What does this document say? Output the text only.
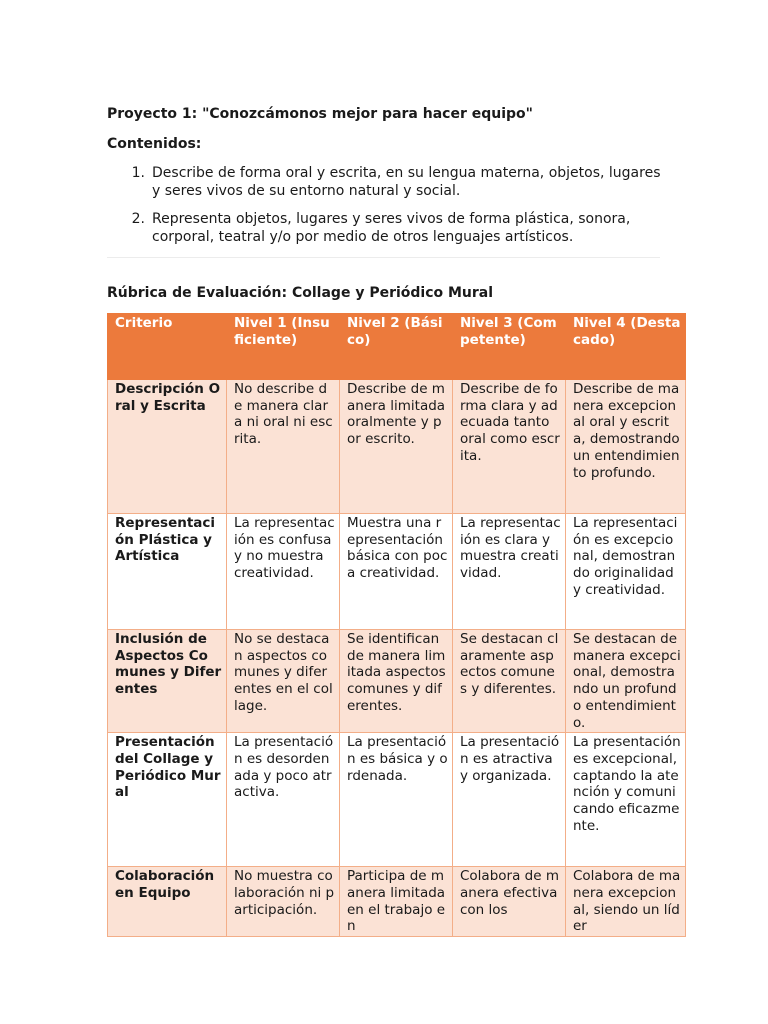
Proyecto 1: "Conozcámonos mejor para hacer equipo"

Contenidos:

1. Describe de forma oral y escrita, en su lengua materna, objetos, lugares y seres vivos de su entorno natural y social.
2. Representa objetos, lugares y seres vivos de forma plástica, sonora, corporal, teatral y/o por medio de otros lenguajes artísticos.

Rúbrica de Evaluación: Collage y Periódico Mural

Criterio	Nivel 1 (Insuficiente)	Nivel 2 (Básico)	Nivel 3 (Competente)	Nivel 4 (Destacado)
Descripción Oral y Escrita	No describe de manera clara ni oral ni escrita.	Describe de manera limitada oralmente y por escrito.	Describe de forma clara y adecuada tanto oral como escrita.	Describe de manera excepcional oral y escrita, demostrando un entendimiento profundo.
Representación Plástica y Artística	La representación es confusa y no muestra creatividad.	Muestra una representación básica con poca creatividad.	La representación es clara y muestra creatividad.	La representación es excepcional, demostrando originalidad y creatividad.
Inclusión de Aspectos Comunes y Diferentes	No se destacan aspectos comunes y diferentes en el collage.	Se identifican de manera limitada aspectos comunes y diferentes.	Se destacan claramente aspectos comunes y diferentes.	Se destacan de manera excepcional, demostrando un profundo entendimiento.
Presentación del Collage y Periódico Mural	La presentación es desordenada y poco atractiva.	La presentación es básica y ordenada.	La presentación es atractiva y organizada.	La presentación es excepcional, captando la atención y comunicando eficazmente.
Colaboración en Equipo	No muestra colaboración ni participación.	Participa de manera limitada en el trabajo en	Colabora de manera efectiva con los	Colabora de manera excepcional, siendo un líder
